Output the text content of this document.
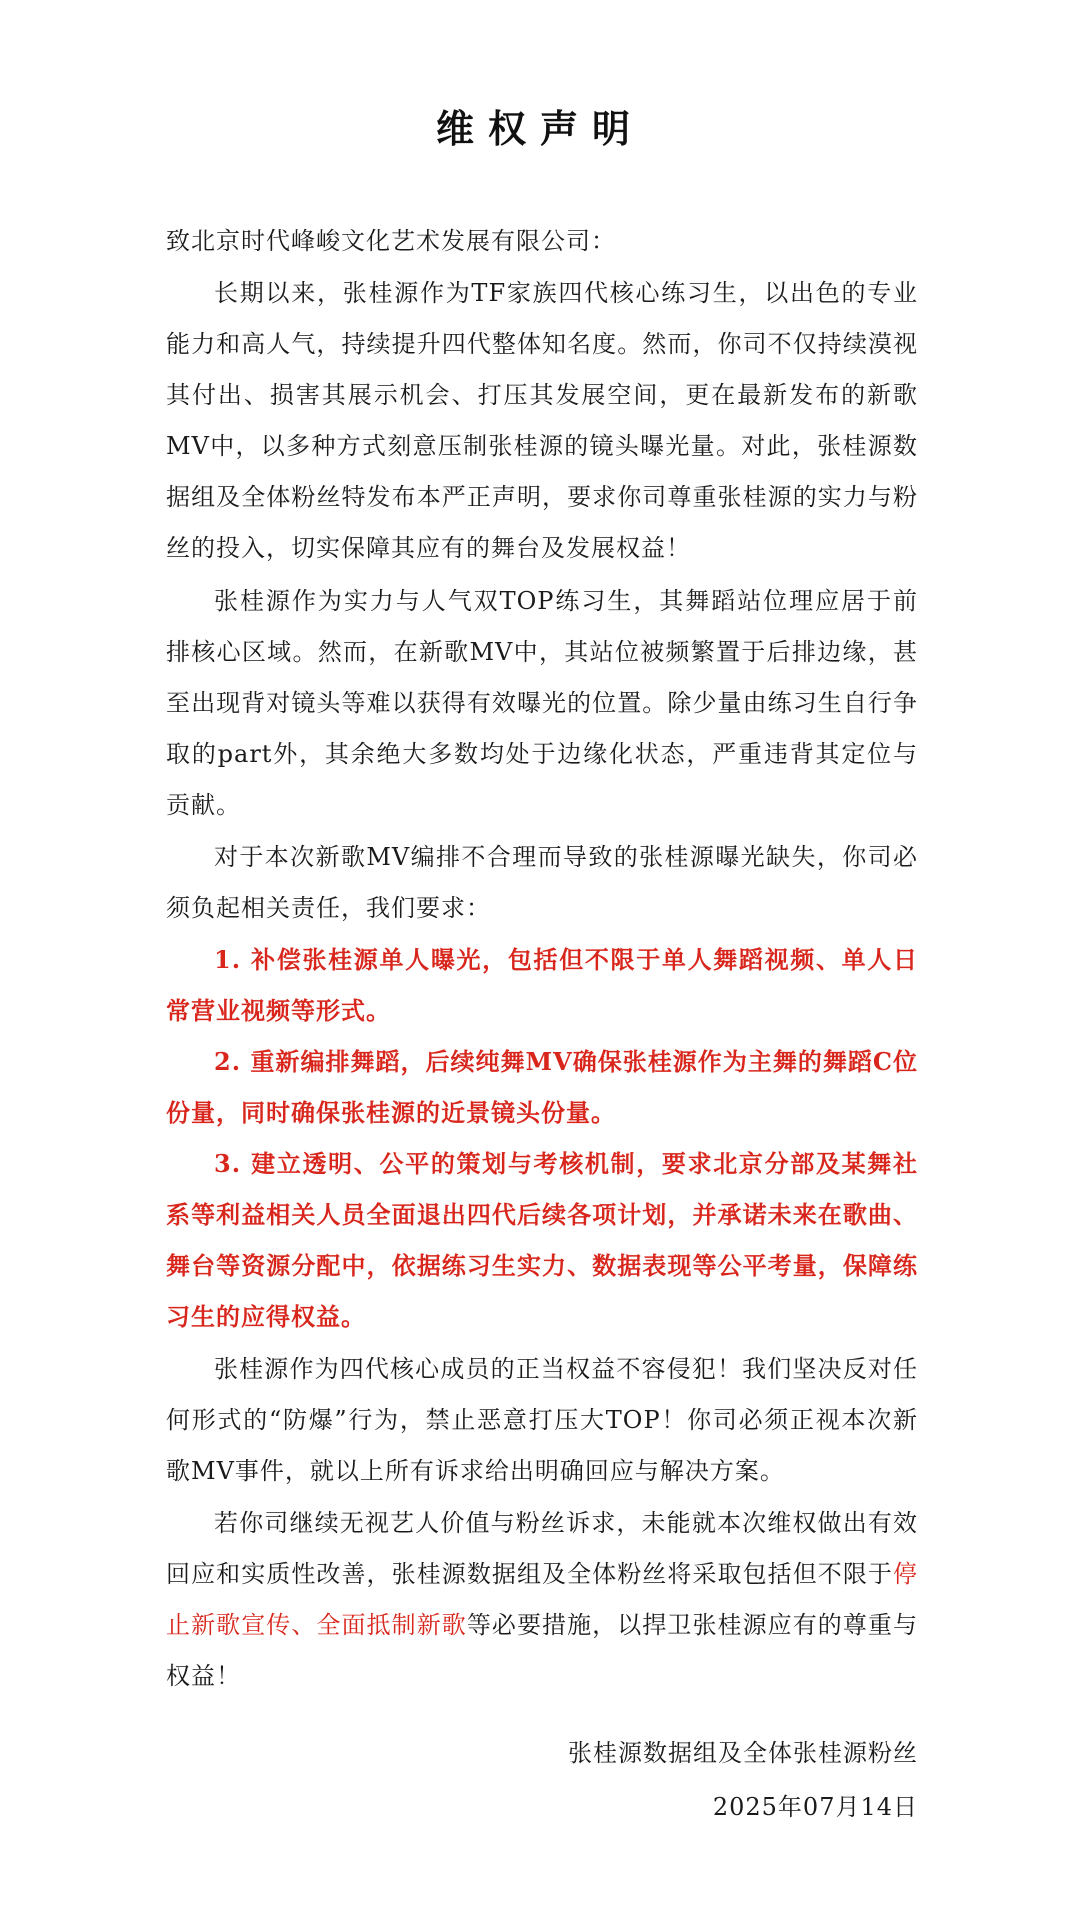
维权声明
致北京时代峰峻文化艺术发展有限公司：

长期以来，张桂源作为TF家族四代核心练习生，以出色的专业能力和高人气，持续提升四代整体知名度。然而，你司不仅持续漠视其付出、损害其展示机会、打压其发展空间，更在最新发布的新歌MV中，以多种方式刻意压制张桂源的镜头曝光量。对此，张桂源数据组及全体粉丝特发布本严正声明，要求你司尊重张桂源的实力与粉丝的投入，切实保障其应有的舞台及发展权益！

张桂源作为实力与人气双TOP练习生，其舞蹈站位理应居于前排核心区域。然而，在新歌MV中，其站位被频繁置于后排边缘，甚至出现背对镜头等难以获得有效曝光的位置。除少量由练习生自行争取的part外，其余绝大多数均处于边缘化状态，严重违背其定位与贡献。

对于本次新歌MV编排不合理而导致的张桂源曝光缺失，你司必须负起相关责任，我们要求：

1. 补偿张桂源单人曝光，包括但不限于单人舞蹈视频、单人日常营业视频等形式。

2. 重新编排舞蹈，后续纯舞MV确保张桂源作为主舞的舞蹈C位份量，同时确保张桂源的近景镜头份量。

3. 建立透明、公平的策划与考核机制，要求北京分部及某舞社系等利益相关人员全面退出四代后续各项计划，并承诺未来在歌曲、舞台等资源分配中，依据练习生实力、数据表现等公平考量，保障练习生的应得权益。

张桂源作为四代核心成员的正当权益不容侵犯！我们坚决反对任何形式的“防爆”行为，禁止恶意打压大TOP！你司必须正视本次新歌MV事件，就以上所有诉求给出明确回应与解决方案。

若你司继续无视艺人价值与粉丝诉求，未能就本次维权做出有效回应和实质性改善，张桂源数据组及全体粉丝将采取包括但不限于停止新歌宣传、全面抵制新歌等必要措施，以捍卫张桂源应有的尊重与权益！

张桂源数据组及全体张桂源粉丝
2025年07月14日
